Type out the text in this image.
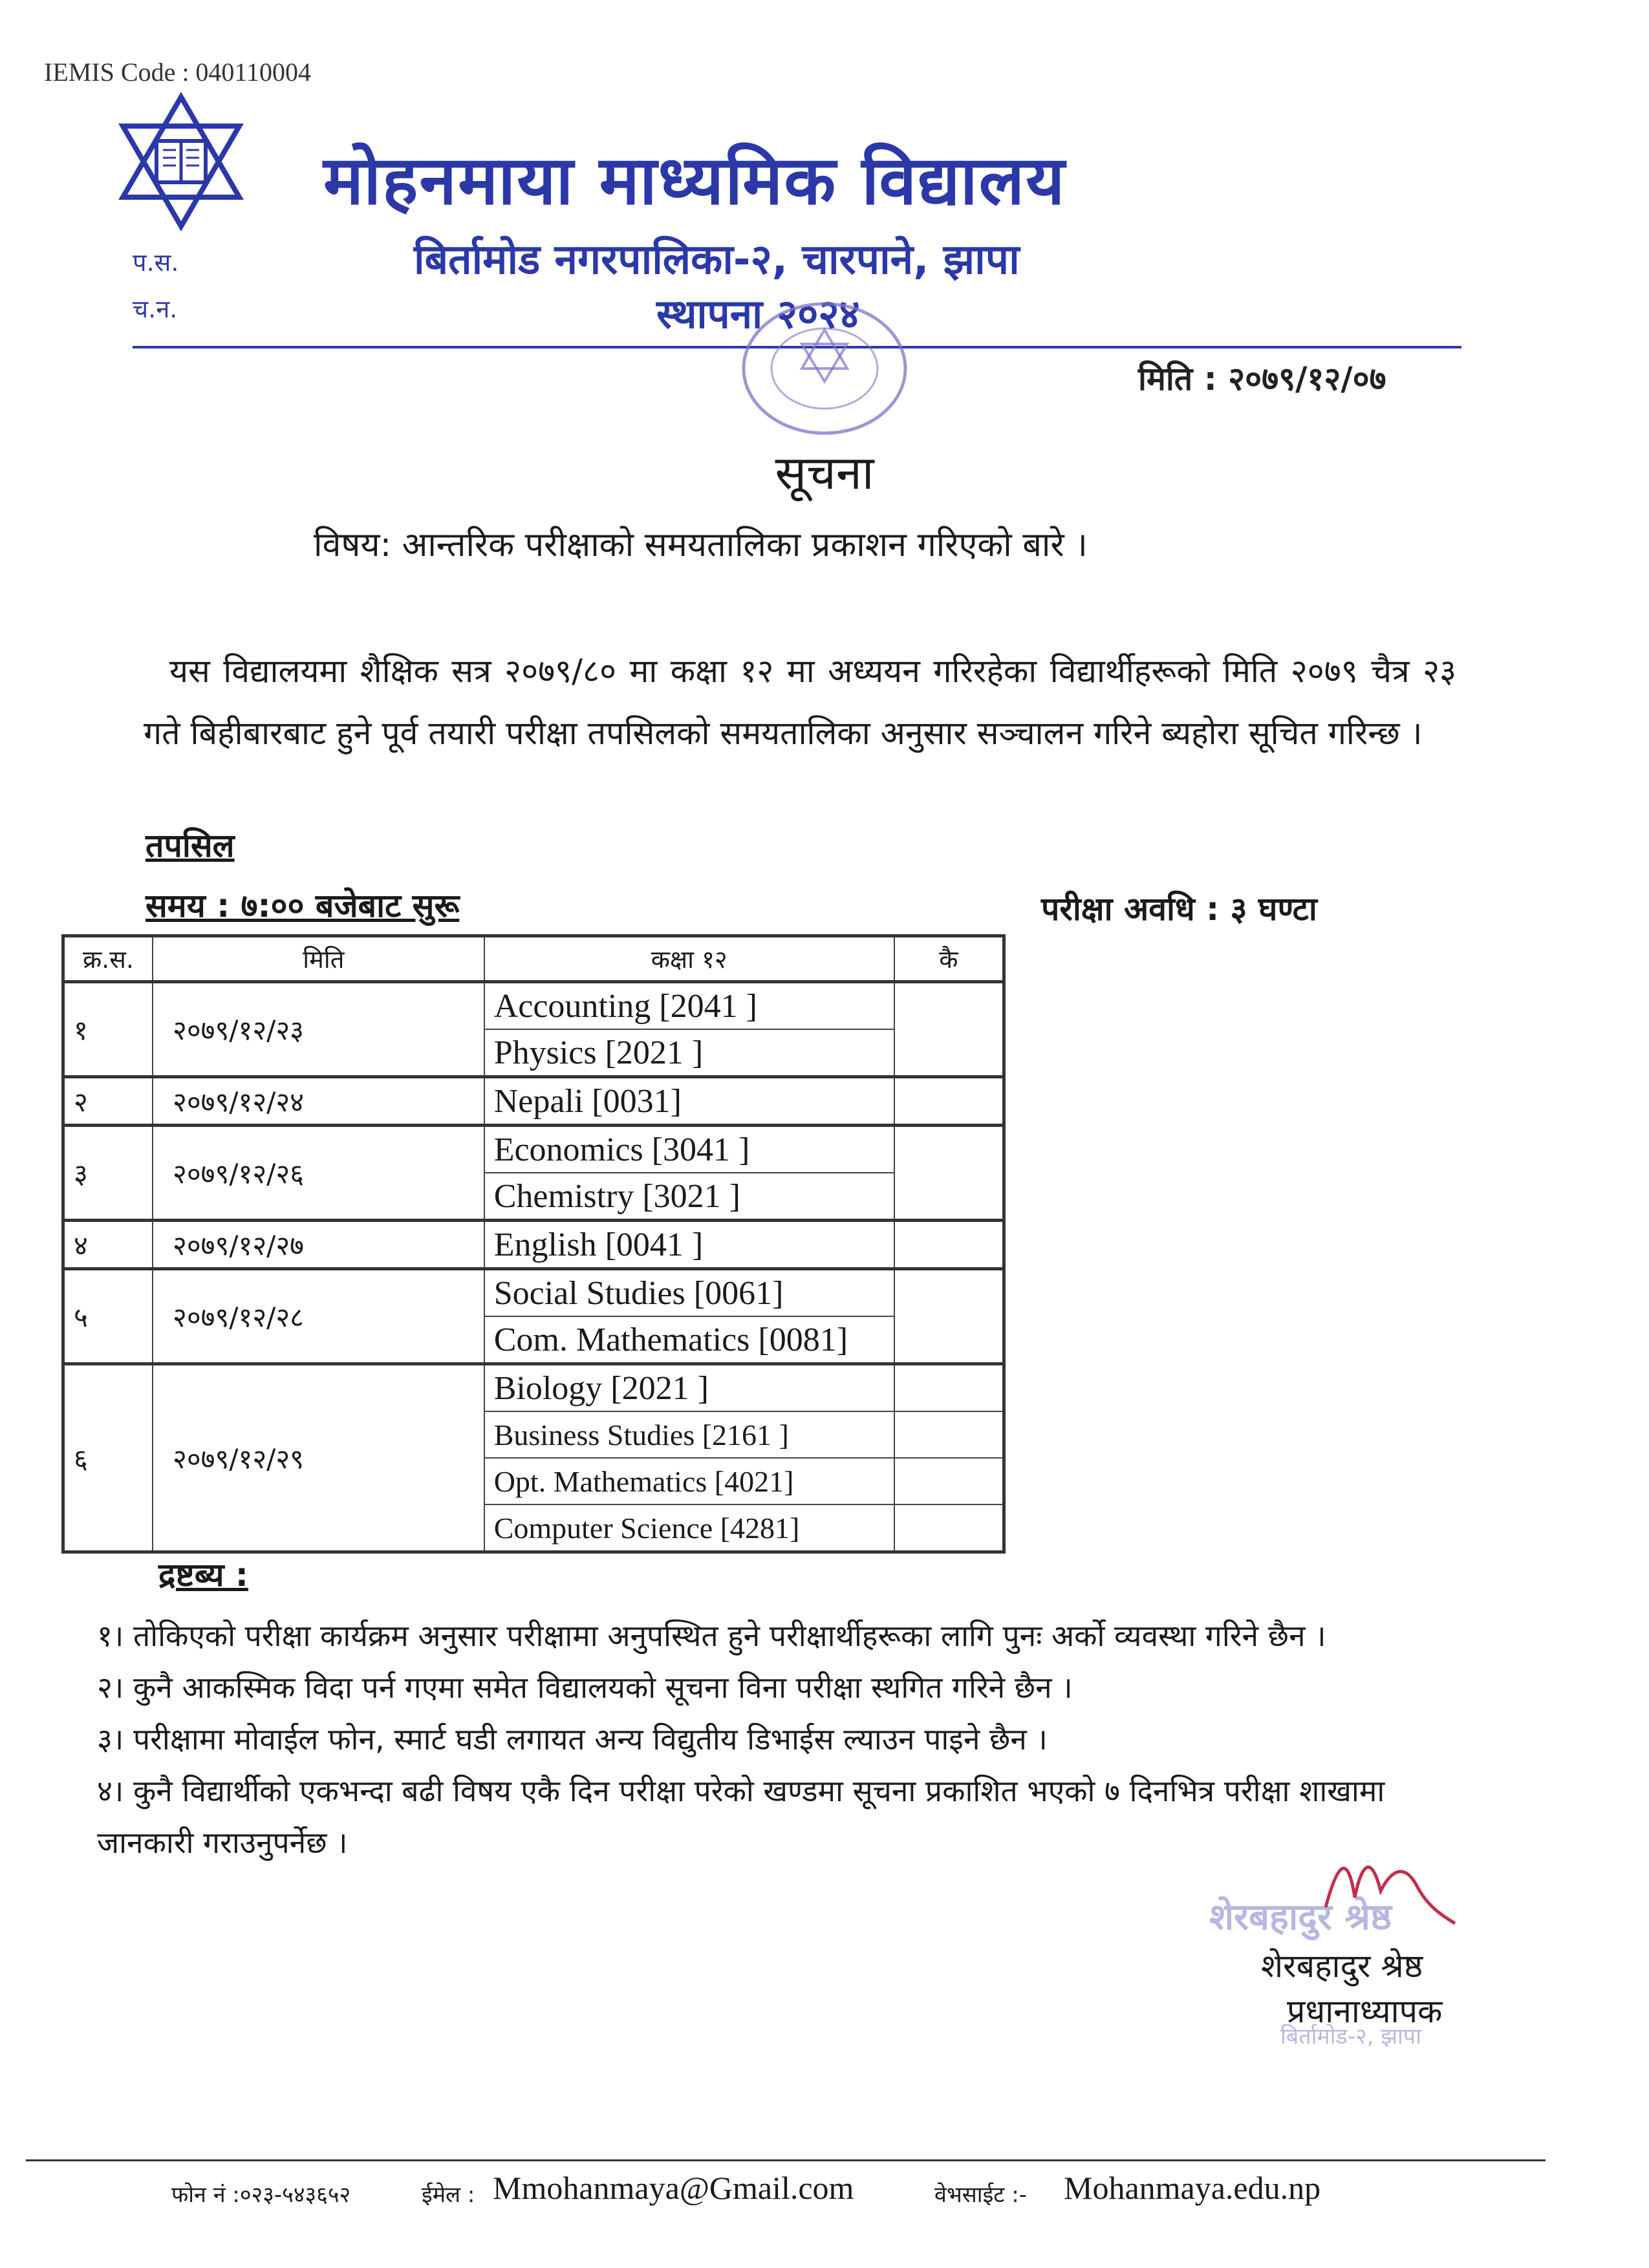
IEMIS Code : 040110004
प.स.
च.न.
मोहनमाया माध्यमिक विद्यालय
बिर्तामोड नगरपालिका-२, चारपाने, झापा
स्थापना २०२४
मिति : २०७९/१२/०७
सूचना
विषय: आन्तरिक परीक्षाको समयतालिका प्रकाशन गरिएको बारे ।
यस विद्यालयमा शैक्षिक सत्र २०७९/८० मा कक्षा १२ मा अध्ययन गरिरहेका विद्यार्थीहरूको मिति २०७९ चैत्र २३ गते बिहीबारबाट हुने पूर्व तयारी परीक्षा तपसिलको समयतालिका अनुसार सञ्चालन गरिने ब्यहोरा सूचित गरिन्छ ।
तपसिल
समय : ७:०० बजेबाट सुरू	परीक्षा अवधि : ३ घण्टा
क्र.स.	मिति	कक्षा १२	कै
१	२०७९/१२/२३	Accounting [2041 ]	
		Physics [2021 ]	
२	२०७९/१२/२४	Nepali [0031]	
३	२०७९/१२/२६	Economics [3041 ]	
		Chemistry [3021 ]	
४	२०७९/१२/२७	English [0041 ]	
५	२०७९/१२/२८	Social Studies [0061]	
		Com. Mathematics [0081]	
६	२०७९/१२/२९	Biology [2021 ]	
		Business Studies [2161 ]	
		Opt. Mathematics [4021]	
		Computer Science [4281]	
द्रष्टब्य :
१। तोकिएको परीक्षा कार्यक्रम अनुसार परीक्षामा अनुपस्थित हुने परीक्षार्थीहरूका लागि पुनः अर्को व्यवस्था गरिने छैन ।
२। कुनै आकस्मिक विदा पर्न गएमा समेत विद्यालयको सूचना विना परीक्षा स्थगित गरिने छैन ।
३। परीक्षामा मोवाईल फोन, स्मार्ट घडी लगायत अन्य विद्युतीय डिभाईस ल्याउन पाइने छैन ।
४। कुनै विद्यार्थीको एकभन्दा बढी विषय एकै दिन परीक्षा परेको खण्डमा सूचना प्रकाशित भएको ७ दिनभित्र परीक्षा शाखामा जानकारी गराउनुपर्नेछ ।
शेरबहादुर श्रेष्ठ
शेरबहादुर श्रेष्ठ
प्रधानाध्यापक
बिर्तामोड-२, झापा
फोन नं :०२३-५४३६५२	ईमेल : Mmohanmaya@Gmail.com	वेभसाईट :- Mohanmaya.edu.np
